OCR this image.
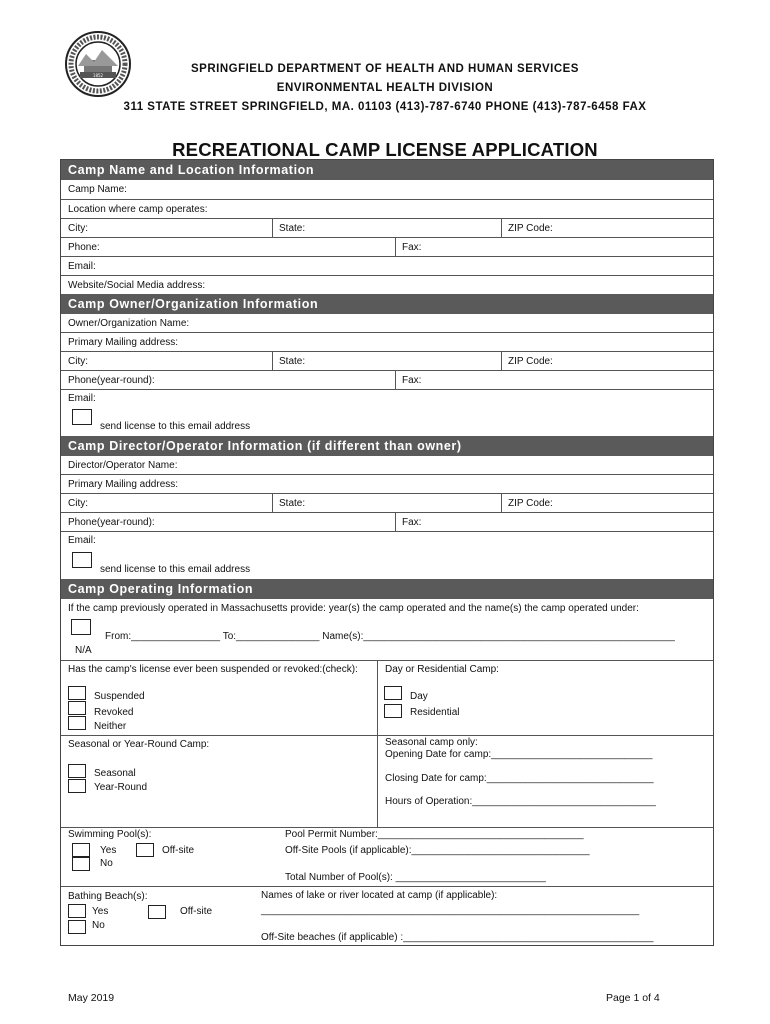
1852
SPRINGFIELD DEPARTMENT OF HEALTH AND HUMAN SERVICES
ENVIRONMENTAL HEALTH DIVISION
311 STATE STREET SPRINGFIELD, MA. 01103 (413)-787-6740 PHONE (413)-787-6458 FAX
RECREATIONAL CAMP LICENSE APPLICATION
Camp Name and Location Information
Camp Name:
Location where camp operates:
City:	State:	ZIP Code:
Phone:	Fax:
Email:
Website/Social Media address:
Camp Owner/Organization Information
Owner/Organization Name:
Primary Mailing address:
City:	State:	ZIP Code:
Phone(year-round):	Fax:
Email:
send license to this email address
Camp Director/Operator Information (if different than owner)
Director/Operator Name:
Primary Mailing address:
City:	State:	ZIP Code:
Phone(year-round):	Fax:
Email:
send license to this email address
Camp Operating Information
If the camp previously operated in Massachusetts provide: year(s) the camp operated and the name(s) the camp operated under:
From:________________ To:_______________ Name(s):________________________________________________________
N/A
Has the camp's license ever been suspended or revoked:(check):
Suspended
Revoked
Neither
Day or Residential Camp:
Day
Residential
Seasonal or Year-Round Camp:
Seasonal
Year-Round
Seasonal camp only:
Opening Date for camp:_____________________________
Closing Date for camp:______________________________
Hours of Operation:_________________________________
Swimming Pool(s):
Yes
No
Off-site
Pool Permit Number:_____________________________________
Off-Site Pools (if applicable):________________________________
Total Number of Pool(s): ___________________________
Bathing Beach(s):
Yes
No
Off-site
Names of lake or river located at camp (if applicable):
____________________________________________________________________
Off-Site beaches (if applicable) :_____________________________________________
May 2019	Page 1 of 4
